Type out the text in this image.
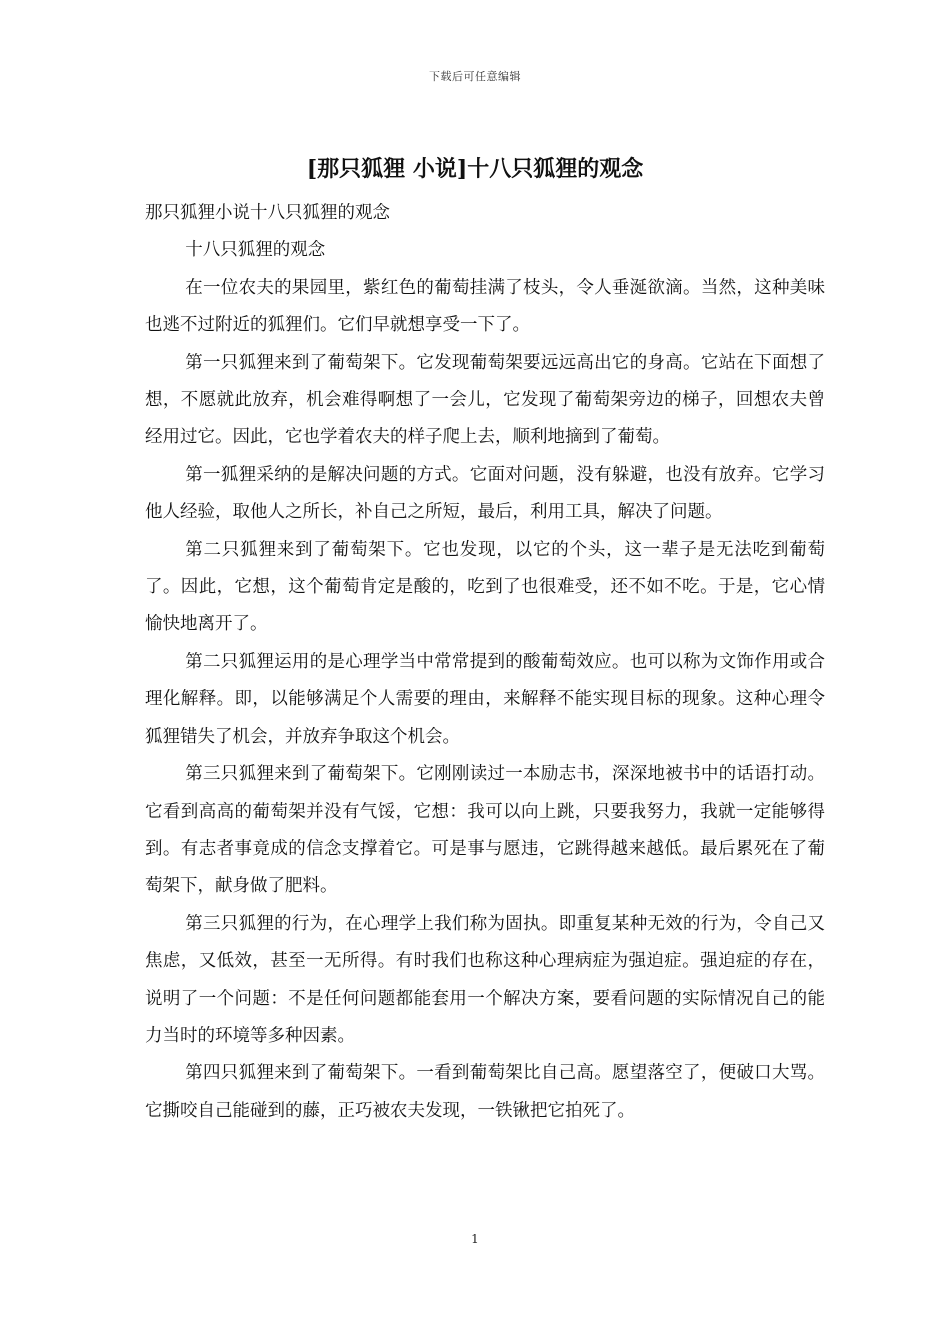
下载后可任意编辑
[那只狐狸 小说]十八只狐狸的观念

那只狐狸小说十八只狐狸的观念

十八只狐狸的观念

在一位农夫的果园里，紫红色的葡萄挂满了枝头，令人垂涎欲滴。当然，这种美味也逃不过附近的狐狸们。它们早就想享受一下了。

第一只狐狸来到了葡萄架下。它发现葡萄架要远远高出它的身高。它站在下面想了想，不愿就此放弃，机会难得啊想了一会儿，它发现了葡萄架旁边的梯子，回想农夫曾经用过它。因此，它也学着农夫的样子爬上去，顺利地摘到了葡萄。

第一狐狸采纳的是解决问题的方式。它面对问题，没有躲避，也没有放弃。它学习他人经验，取他人之所长，补自己之所短，最后，利用工具，解决了问题。

第二只狐狸来到了葡萄架下。它也发现，以它的个头，这一辈子是无法吃到葡萄了。因此，它想，这个葡萄肯定是酸的，吃到了也很难受，还不如不吃。于是，它心情愉快地离开了。

第二只狐狸运用的是心理学当中常常提到的酸葡萄效应。也可以称为文饰作用或合理化解释。即，以能够满足个人需要的理由，来解释不能实现目标的现象。这种心理令狐狸错失了机会，并放弃争取这个机会。

第三只狐狸来到了葡萄架下。它刚刚读过一本励志书，深深地被书中的话语打动。它看到高高的葡萄架并没有气馁，它想：我可以向上跳，只要我努力，我就一定能够得到。有志者事竟成的信念支撑着它。可是事与愿违，它跳得越来越低。最后累死在了葡萄架下，献身做了肥料。

第三只狐狸的行为，在心理学上我们称为固执。即重复某种无效的行为，令自己又焦虑，又低效，甚至一无所得。有时我们也称这种心理病症为强迫症。强迫症的存在，说明了一个问题：不是任何问题都能套用一个解决方案，要看问题的实际情况自己的能力当时的环境等多种因素。

第四只狐狸来到了葡萄架下。一看到葡萄架比自己高。愿望落空了，便破口大骂。它撕咬自己能碰到的藤，正巧被农夫发现，一铁锹把它拍死了。

1
